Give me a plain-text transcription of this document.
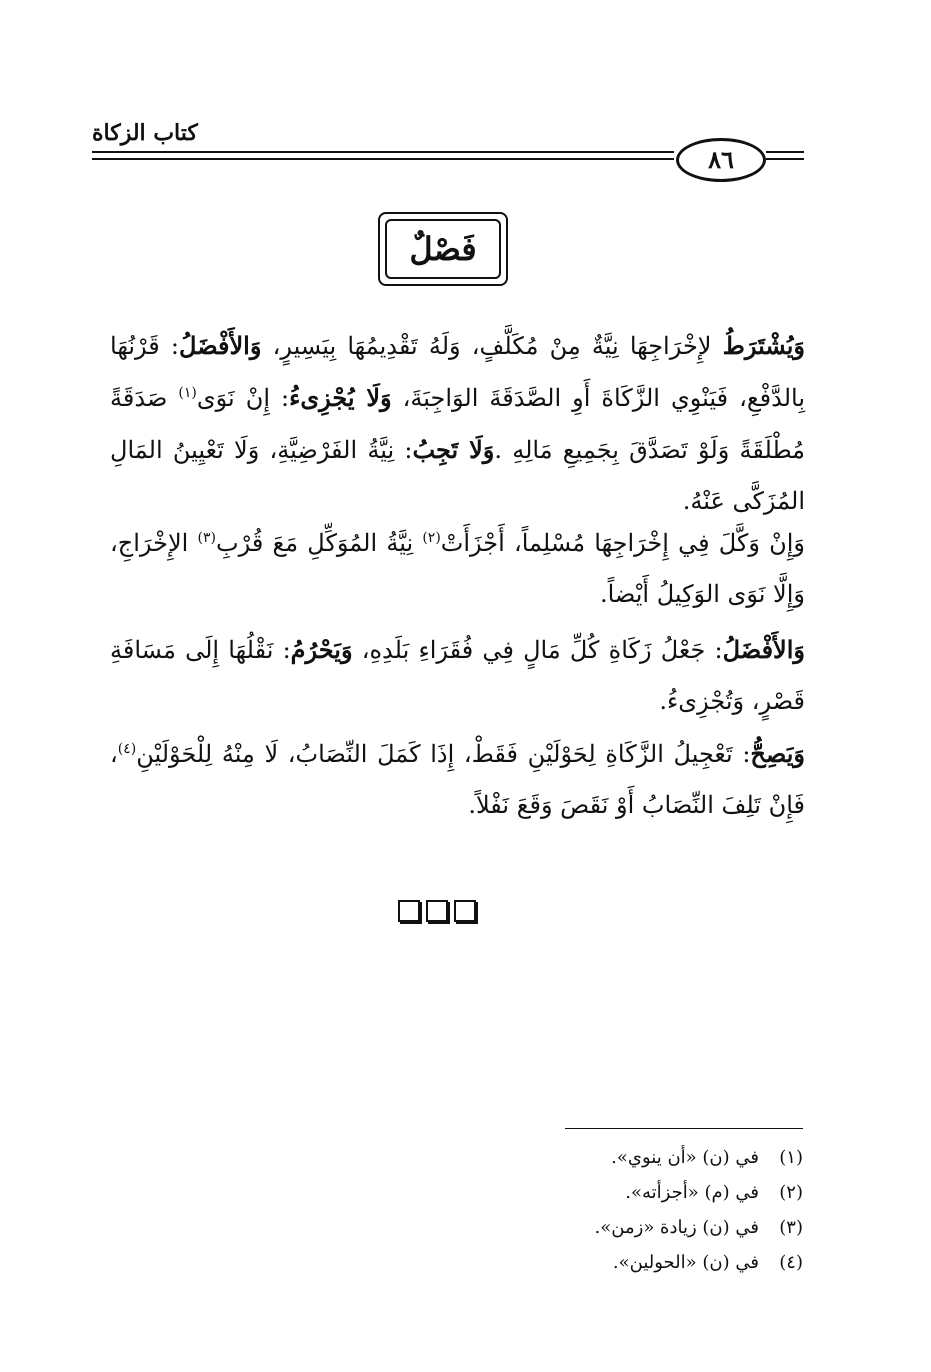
كتاب الزكاة
٨٦
فَصْلٌ

وَيُشْتَرَطُ لإِخْرَاجِهَا نِيَّةٌ مِنْ مُكَلَّفٍ، وَلَهُ تَقْدِيمُهَا بِيَسِيرٍ، وَالأَفْضَلُ: قَرْنُهَا بِالدَّفْعِ، فَيَنْوِي الزَّكَاةَ أَوِ الصَّدَقَةَ الوَاجِبَةَ، وَلَا يُجْزِىءُ: إِنْ نَوَى$^{(١)}$ صَدَقَةً مُطْلَقَةً وَلَوْ تَصَدَّقَ بِجَمِيعِ مَالِهِ .وَلَا تَجِبُ: نِيَّةُ الفَرْضِيَّةِ، وَلَا تَعْيِينُ المَالِ المُزَكَّى عَنْهُ.

وَإِنْ وَكَّلَ فِي إِخْرَاجِهَا مُسْلِماً، أَجْزَأَتْ$^{(٢)}$ نِيَّةُ المُوَكِّلِ مَعَ قُرْبِ$^{(٣)}$ الإِخْرَاجِ، وَإِلَّا نَوَى الوَكِيلُ أَيْضاً.

وَالأَفْضَلُ: جَعْلُ زَكَاةِ كُلِّ مَالٍ فِي فُقَرَاءِ بَلَدِهِ، وَيَحْرُمُ: نَقْلُهَا إِلَى مَسَافَةِ قَصْرٍ، وَتُجْزِىءُ.

وَيَصِحُّ: تَعْجِيلُ الزَّكَاةِ لِحَوْلَيْنِ فَقَطْ، إِذَا كَمَلَ النِّصَابُ، لَا مِنْهُ لِلْحَوْلَيْنِ$^{(٤)}$، فَإِنْ تَلِفَ النِّصَابُ أَوْ نَقَصَ وَقَعَ نَفْلاً.

(١)في (ن) «أن ينوي».
(٢)في (م) «أجزأته».
(٣)في (ن) زيادة «زمن».
(٤)في (ن) «الحولين».
